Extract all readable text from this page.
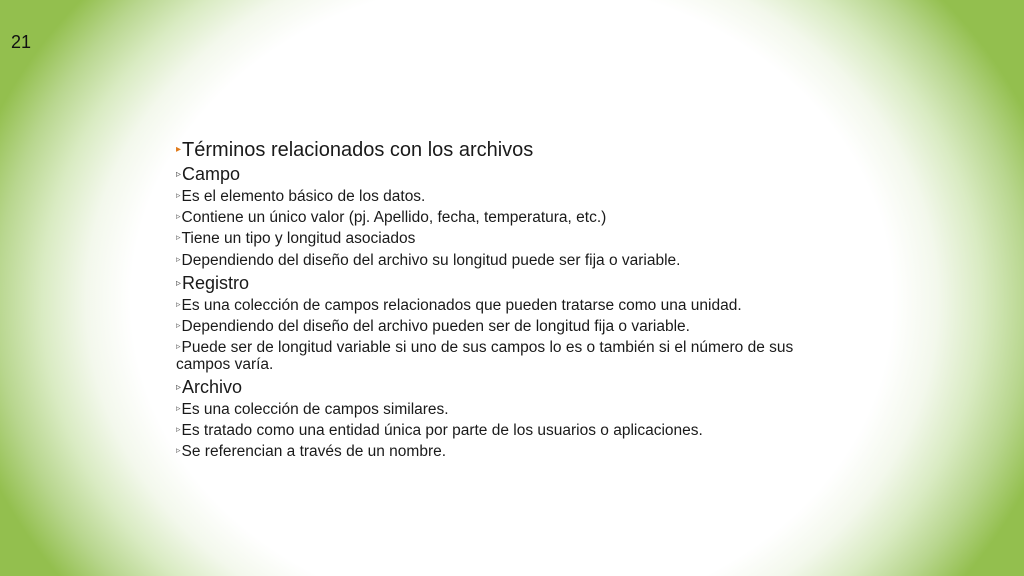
21

▸Términos relacionados con los archivos

▹Campo

▹Es el elemento básico de los datos.

▹Contiene un único valor (pj. Apellido, fecha, temperatura, etc.)

▹Tiene un tipo y longitud asociados

▹Dependiendo del diseño del archivo su longitud puede ser fija o variable.

▹Registro

▹Es una colección de campos relacionados que pueden tratarse como una unidad.

▹Dependiendo del diseño del archivo pueden ser de longitud fija o variable.

▹Puede ser de longitud variable si uno de sus campos lo es o también si el número de sus campos varía.

▹Archivo

▹Es una colección de campos similares.

▹Es tratado como una entidad única por parte de los usuarios o aplicaciones.

▹Se referencian a través de un nombre.
